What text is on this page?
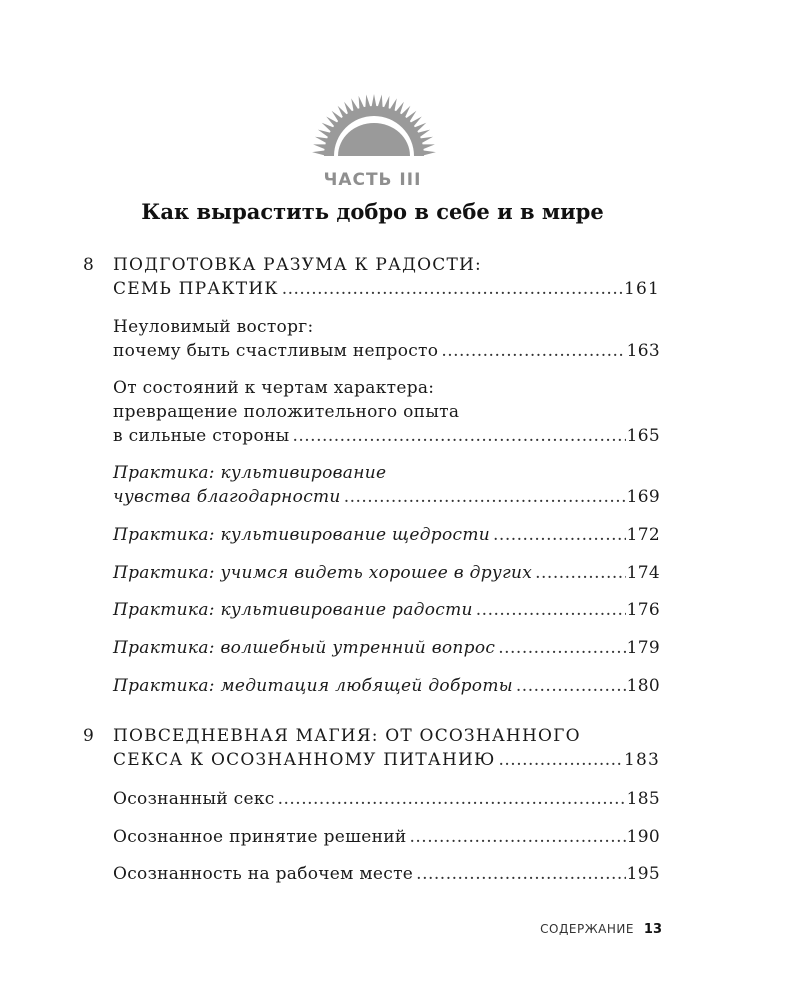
ЧАСТЬ III
Как вырастить добро в себе и в мире
8 ПОДГОТОВКА РАЗУМА К РАДОСТИ:
СЕМЬ ПРАКТИК .....	161
Неуловимый восторг:
почему быть счастливым непросто .....	163
От состояний к чертам характера:
превращение положительного опыта
в сильные стороны .....	165
Практика: культивирование
чувства благодарности .....	169
Практика: культивирование щедрости .....	172
Практика: учимся видеть хорошее в других .....	174
Практика: культивирование радости .....	176
Практика: волшебный утренний вопрос .....	179
Практика: медитация любящей доброты .....	180
9 ПОВСЕДНЕВНАЯ МАГИЯ: ОТ ОСОЗНАННОГО
СЕКСА К ОСОЗНАННОМУ ПИТАНИЮ .....	183
Осознанный секс .....	185
Осознанное принятие решений .....	190
Осознанность на рабочем месте .....	195
СОДЕРЖАНИЕ 13
